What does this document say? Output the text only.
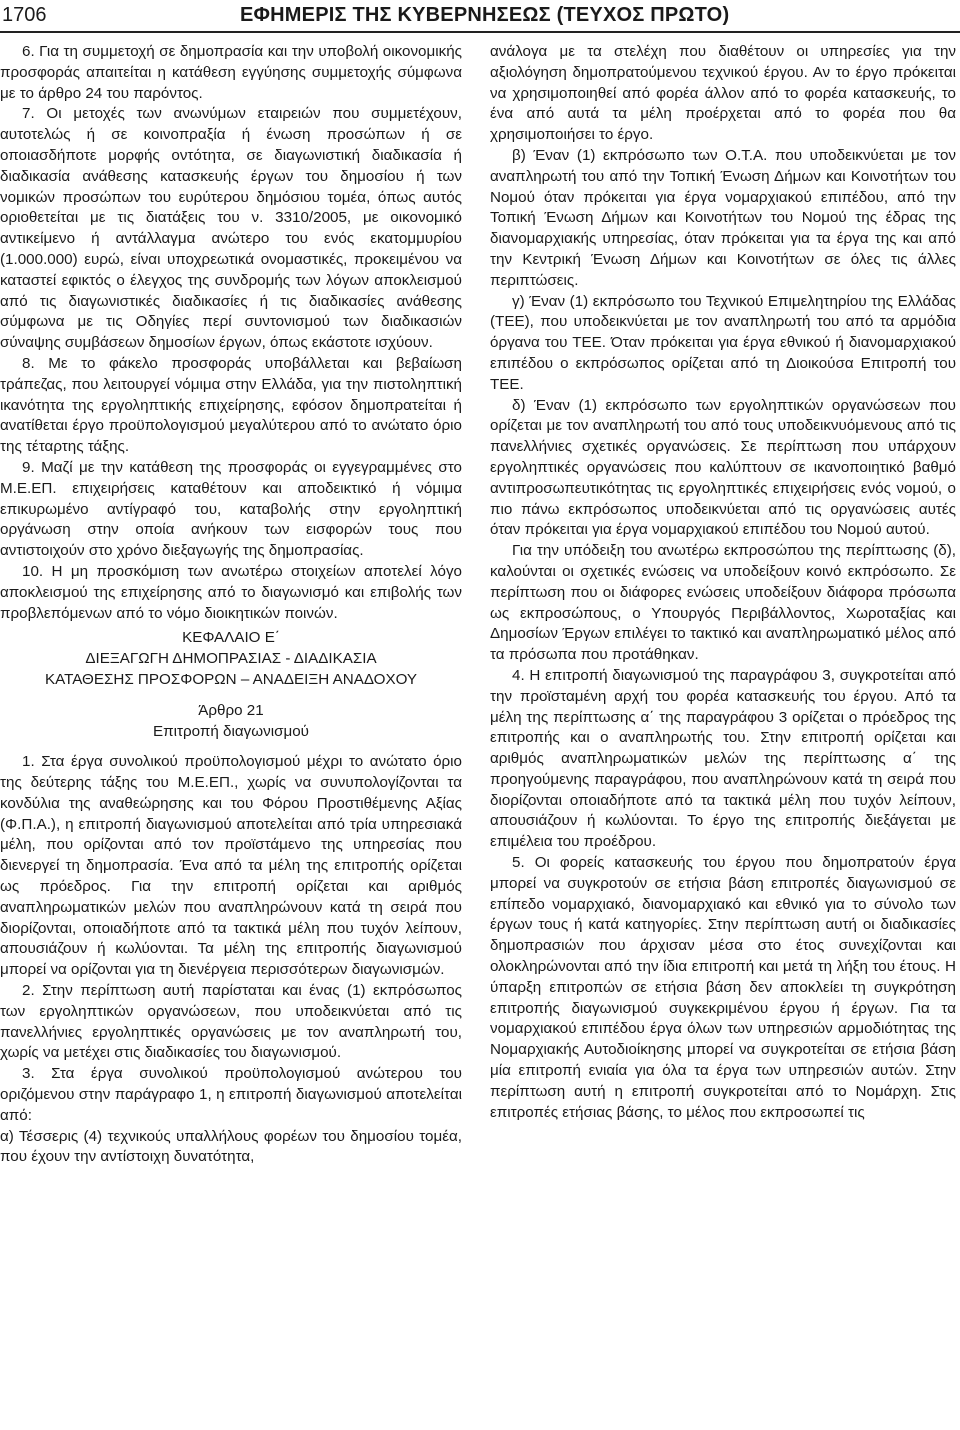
1706	ΕΦΗΜΕΡΙΣ ΤΗΣ ΚΥΒΕΡΝΗΣΕΩΣ (ΤΕΥΧΟΣ ΠΡΩΤΟ)

6. Για τη συμμετοχή σε δημοπρασία και την υποβολή οικονομικής προσφοράς απαιτείται η κατάθεση εγγύησης συμμετοχής σύμφωνα με το άρθρο 24 του παρόντος.

7. Οι μετοχές των ανωνύμων εταιρειών που συμμετέχουν, αυτοτελώς ή σε κοινοπραξία ή ένωση προσώπων ή σε οποιασδήποτε μορφής οντότητα, σε διαγωνιστική διαδικασία ή διαδικασία ανάθεσης κατασκευής έργων του δημοσίου ή των νομικών προσώπων του ευρύτερου δημόσιου τομέα, όπως αυτός οριοθετείται με τις διατάξεις του ν. 3310/2005, με οικονομικό αντικείμενο ή αντάλλαγμα ανώτερο του ενός εκατομμυρίου (1.000.000) ευρώ, είναι υποχρεωτικά ονομαστικές, προκειμένου να καταστεί εφικτός ο έλεγχος της συνδρομής των λόγων αποκλεισμού από τις διαγωνιστικές διαδικασίες ή τις διαδικασίες ανάθεσης σύμφωνα με τις Οδηγίες περί συντονισμού των διαδικασιών σύναψης συμβάσεων δημοσίων έργων, όπως εκάστοτε ισχύουν.

8. Με το φάκελο προσφοράς υποβάλλεται και βεβαίωση τράπεζας, που λειτουργεί νόμιμα στην Ελλάδα, για την πιστοληπτική ικανότητα της εργοληπτικής επιχείρησης, εφόσον δημοπρατείται ή ανατίθεται έργο προϋπολογισμού μεγαλύτερου από το ανώτατο όριο της τέταρτης τάξης.

9. Μαζί με την κατάθεση της προσφοράς οι εγγεγραμμένες στο Μ.Ε.ΕΠ. επιχειρήσεις καταθέτουν και αποδεικτικό ή νόμιμα επικυρωμένο αντίγραφό του, καταβολής στην εργοληπτική οργάνωση στην οποία ανήκουν των εισφορών τους που αντιστοιχούν στο χρόνο διεξαγωγής της δημοπρασίας.

10. Η μη προσκόμιση των ανωτέρω στοιχείων αποτελεί λόγο αποκλεισμού της επιχείρησης από το διαγωνισμό και επιβολής των προβλεπόμενων από το νόμο διοικητικών ποινών.

ΚΕΦΑΛΑΙΟ Ε΄

ΔΙΕΞΑΓΩΓΗ ΔΗΜΟΠΡΑΣΙΑΣ - ΔΙΑΔΙΚΑΣΙΑ

ΚΑΤΑΘΕΣΗΣ ΠΡΟΣΦΟΡΩΝ – ΑΝΑΔΕΙΞΗ ΑΝΑΔΟΧΟΥ

Άρθρο 21

Επιτροπή διαγωνισμού

1. Στα έργα συνολικού προϋπολογισμού μέχρι το ανώτατο όριο της δεύτερης τάξης του Μ.Ε.ΕΠ., χωρίς να συνυπολογίζονται τα κονδύλια της αναθεώρησης και του Φόρου Προστιθέμενης Αξίας (Φ.Π.Α.), η επιτροπή διαγωνισμού αποτελείται από τρία υπηρεσιακά μέλη, που ορίζονται από τον προϊστάμενο της υπηρεσίας που διενεργεί τη δημοπρασία. Ένα από τα μέλη της επιτροπής ορίζεται ως πρόεδρος. Για την επιτροπή ορίζεται και αριθμός αναπληρωματικών μελών που αναπληρώνουν κατά τη σειρά που διορίζονται, οποιαδήποτε από τα τακτικά μέλη που τυχόν λείπουν, απουσιάζουν ή κωλύονται. Τα μέλη της επιτροπής διαγωνισμού μπορεί να ορίζονται για τη διενέργεια περισσότερων διαγωνισμών.

2. Στην περίπτωση αυτή παρίσταται και ένας (1) εκπρόσωπος των εργοληπτικών οργανώσεων, που υποδεικνύεται από τις πανελλήνιες εργοληπτικές οργανώσεις με τον αναπληρωτή του, χωρίς να μετέχει στις διαδικασίες του διαγωνισμού.

3. Στα έργα συνολικού προϋπολογισμού ανώτερου του οριζόμενου στην παράγραφο 1, η επιτροπή διαγωνισμού αποτελείται από:

α) Τέσσερις (4) τεχνικούς υπαλλήλους φορέων του δημοσίου τομέα, που έχουν την αντίστοιχη δυνατότητα,

ανάλογα με τα στελέχη που διαθέτουν οι υπηρεσίες για την αξιολόγηση δημοπρατούμενου τεχνικού έργου. Αν το έργο πρόκειται να χρησιμοποιηθεί από φορέα άλλον από το φορέα κατασκευής, το ένα από αυτά τα μέλη προέρχεται από το φορέα που θα χρησιμοποιήσει το έργο.

β) Έναν (1) εκπρόσωπο των Ο.Τ.Α. που υποδεικνύεται με τον αναπληρωτή του από την Τοπική Ένωση Δήμων και Κοινοτήτων του Νομού όταν πρόκειται για έργα νομαρχιακού επιπέδου, από την Τοπική Ένωση Δήμων και Κοινοτήτων του Νομού της έδρας της διανομαρχιακής υπηρεσίας, όταν πρόκειται για τα έργα της και από την Κεντρική Ένωση Δήμων και Κοινοτήτων σε όλες τις άλλες περιπτώσεις.

γ) Έναν (1) εκπρόσωπο του Τεχνικού Επιμελητηρίου της Ελλάδας (ΤΕΕ), που υποδεικνύεται με τον αναπληρωτή του από τα αρμόδια όργανα του ΤΕΕ. Όταν πρόκειται για έργα εθνικού ή διανομαρχιακού επιπέδου ο εκπρόσωπος ορίζεται από τη Διοικούσα Επιτροπή του ΤΕΕ.

δ) Έναν (1) εκπρόσωπο των εργοληπτικών οργανώσεων που ορίζεται με τον αναπληρωτή του από τους υποδεικνυόμενους από τις πανελλήνιες σχετικές οργανώσεις. Σε περίπτωση που υπάρχουν εργοληπτικές οργανώσεις που καλύπτουν σε ικανοποιητικό βαθμό αντιπροσωπευτικότητας τις εργοληπτικές επιχειρήσεις ενός νομού, ο πιο πάνω εκπρόσωπος υποδεικνύεται από τις οργανώσεις αυτές όταν πρόκειται για έργα νομαρχιακού επιπέδου του Νομού αυτού.

Για την υπόδειξη του ανωτέρω εκπροσώπου της περίπτωσης (δ), καλούνται οι σχετικές ενώσεις να υποδείξουν κοινό εκπρόσωπο. Σε περίπτωση που οι διάφορες ενώσεις υποδείξουν διάφορα πρόσωπα ως εκπροσώπους, ο Υπουργός Περιβάλλοντος, Χωροταξίας και Δημοσίων Έργων επιλέγει το τακτικό και αναπληρωματικό μέλος από τα πρόσωπα που προτάθηκαν.

4. Η επιτροπή διαγωνισμού της παραγράφου 3, συγκροτείται από την προϊσταμένη αρχή του φορέα κατασκευής του έργου. Από τα μέλη της περίπτωσης α΄ της παραγράφου 3 ορίζεται ο πρόεδρος της επιτροπής και ο αναπληρωτής του. Στην επιτροπή ορίζεται και αριθμός αναπληρωματικών μελών της περίπτωσης α΄ της προηγούμενης παραγράφου, που αναπληρώνουν κατά τη σειρά που διορίζονται οποιαδήποτε από τα τακτικά μέλη που τυχόν λείπουν, απουσιάζουν ή κωλύονται. Το έργο της επιτροπής διεξάγεται με επιμέλεια του προέδρου.

5. Οι φορείς κατασκευής του έργου που δημοπρατούν έργα μπορεί να συγκροτούν σε ετήσια βάση επιτροπές διαγωνισμού σε επίπεδο νομαρχιακό, διανομαρχιακό και εθνικό για το σύνολο των έργων τους ή κατά κατηγορίες. Στην περίπτωση αυτή οι διαδικασίες δημοπρασιών που άρχισαν μέσα στο έτος συνεχίζονται και ολοκληρώνονται από την ίδια επιτροπή και μετά τη λήξη του έτους. Η ύπαρξη επιτροπών σε ετήσια βάση δεν αποκλείει τη συγκρότηση επιτροπής διαγωνισμού συγκεκριμένου έργου ή έργων. Για τα νομαρχιακού επιπέδου έργα όλων των υπηρεσιών αρμοδιότητας της Νομαρχιακής Αυτοδιοίκησης μπορεί να συγκροτείται σε ετήσια βάση μία επιτροπή ενιαία για όλα τα έργα των υπηρεσιών αυτών. Στην περίπτωση αυτή η επιτροπή συγκροτείται από το Νομάρχη. Στις επιτροπές ετήσιας βάσης, το μέλος που εκπροσωπεί τις
